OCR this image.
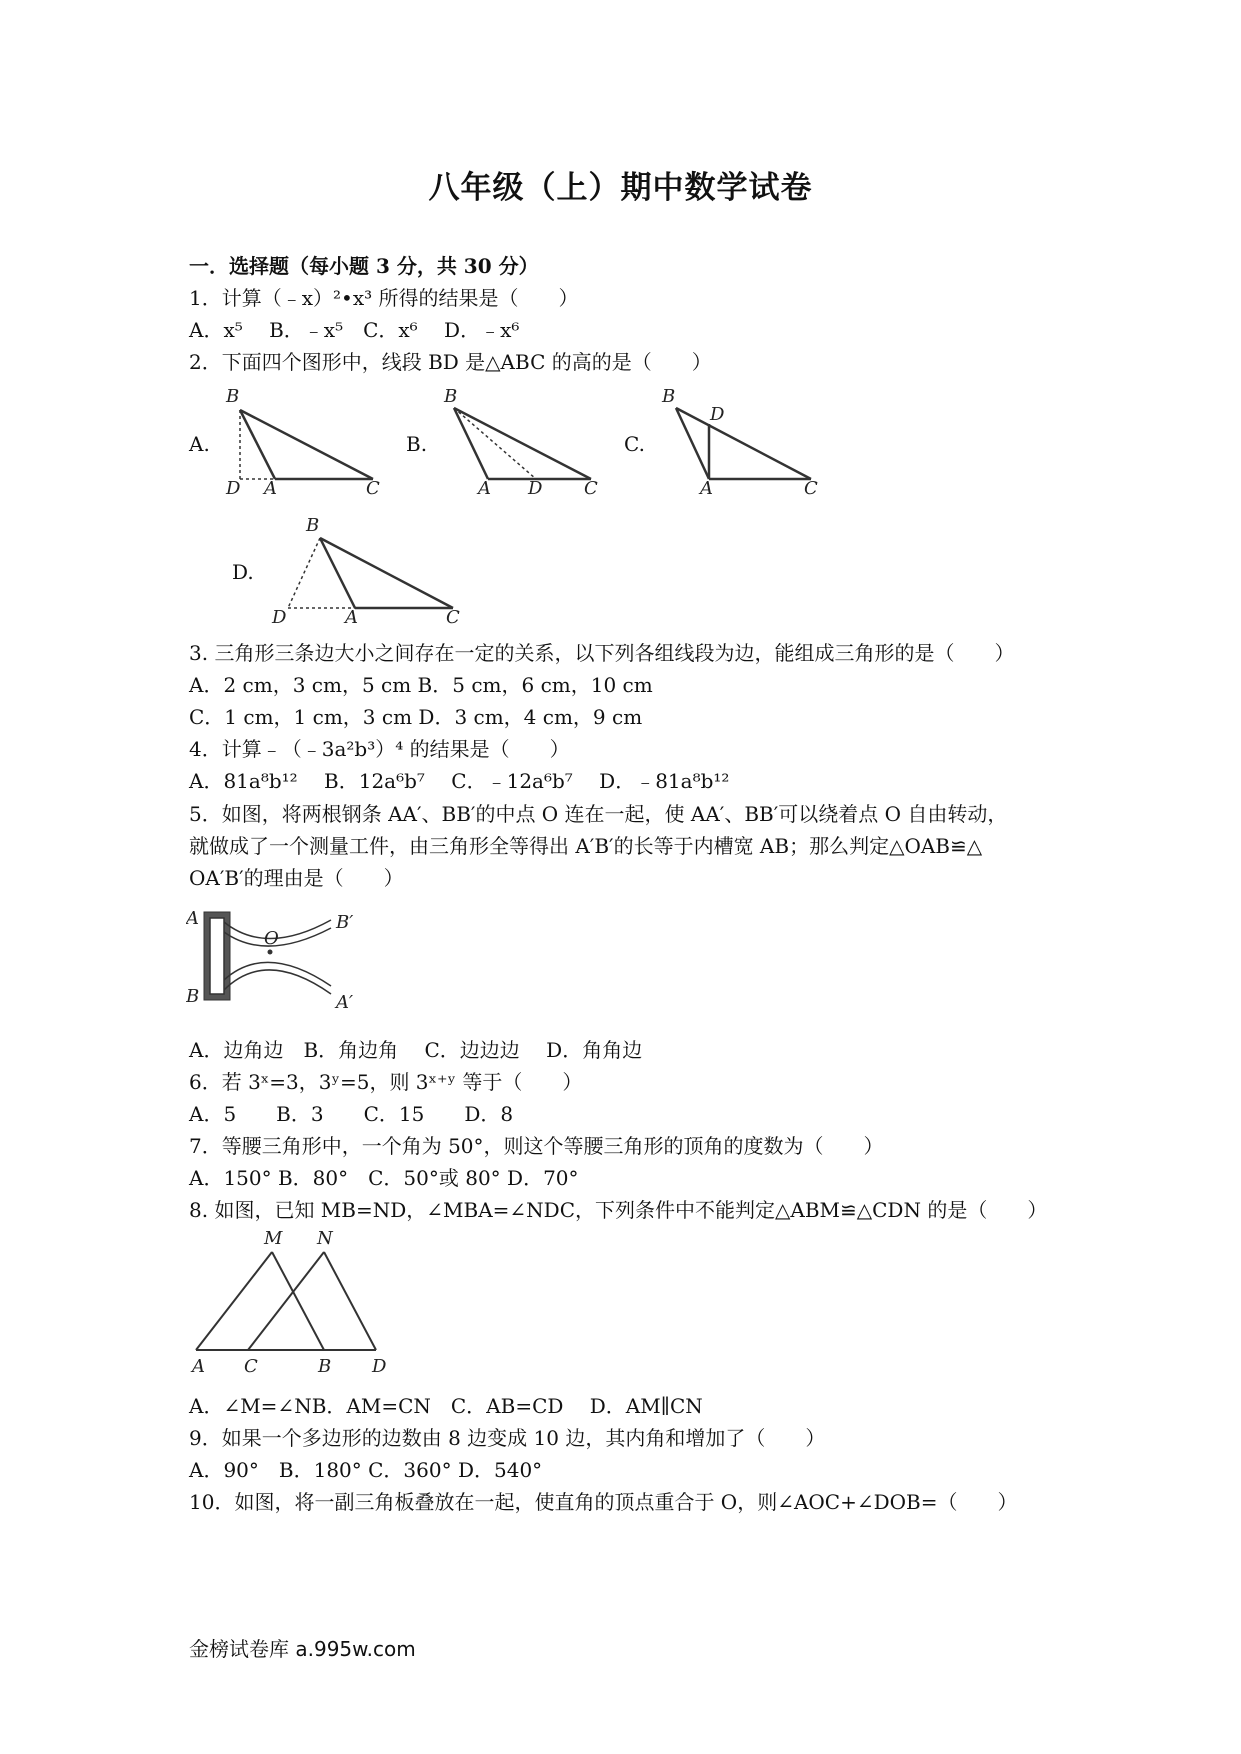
八年级（上）期中数学试卷
一．选择题（每小题 3 分，共 30 分）
1．计算（﹣x）²•x³ 所得的结果是（　　）
A．x⁵　 B．﹣x⁵　C．x⁶　 D．﹣x⁶
2．下面四个图形中，线段 BD 是△ABC 的高的是（　　）
A.
B
D A	C
B.
B
A D C
C.
B
D
A	C
D.
B
D	A	C
3. 三角形三条边大小之间存在一定的关系，以下列各组线段为边，能组成三角形的是（　　）
A．2 cm，3 cm，5 cm B．5 cm，6 cm，10 cm
C．1 cm，1 cm，3 cm D．3 cm，4 cm，9 cm
4．计算﹣（﹣3a²b³）⁴ 的结果是（　　）
A．81a⁸b¹²　 B．12a⁶b⁷　 C．﹣12a⁶b⁷　 D．﹣81a⁸b¹²
5．如图，将两根钢条 AA′、BB′的中点 O 连在一起，使 AA′、BB′可以绕着点 O 自由转动，
就做成了一个测量工件，由三角形全等得出 A′B′的长等于内槽宽 AB；那么判定△OAB≌△
OA′B′的理由是（　　）
A
B
O
B′
A′
A．边角边　B．角边角　 C．边边边　 D．角角边
6．若 3ˣ=3，3ʸ=5，则 3ˣ⁺ʸ 等于（　　）
A．5　　B．3　　C．15　　D．8
7．等腰三角形中，一个角为 50°，则这个等腰三角形的顶角的度数为（　　）
A．150° B．80°　C．50°或 80° D．70°
8. 如图，已知 MB=ND，∠MBA=∠NDC，下列条件中不能判定△ABM≌△CDN 的是（　　）
M N
A C	B D
A．∠M=∠NB．AM=CN　C．AB=CD　 D．AM∥CN
9．如果一个多边形的边数由 8 边变成 10 边，其内角和增加了（　　）
A．90°　B．180° C．360° D．540°
10．如图，将一副三角板叠放在一起，使直角的顶点重合于 O，则∠AOC+∠DOB=（　　）
金榜试卷库 a.995w.com
